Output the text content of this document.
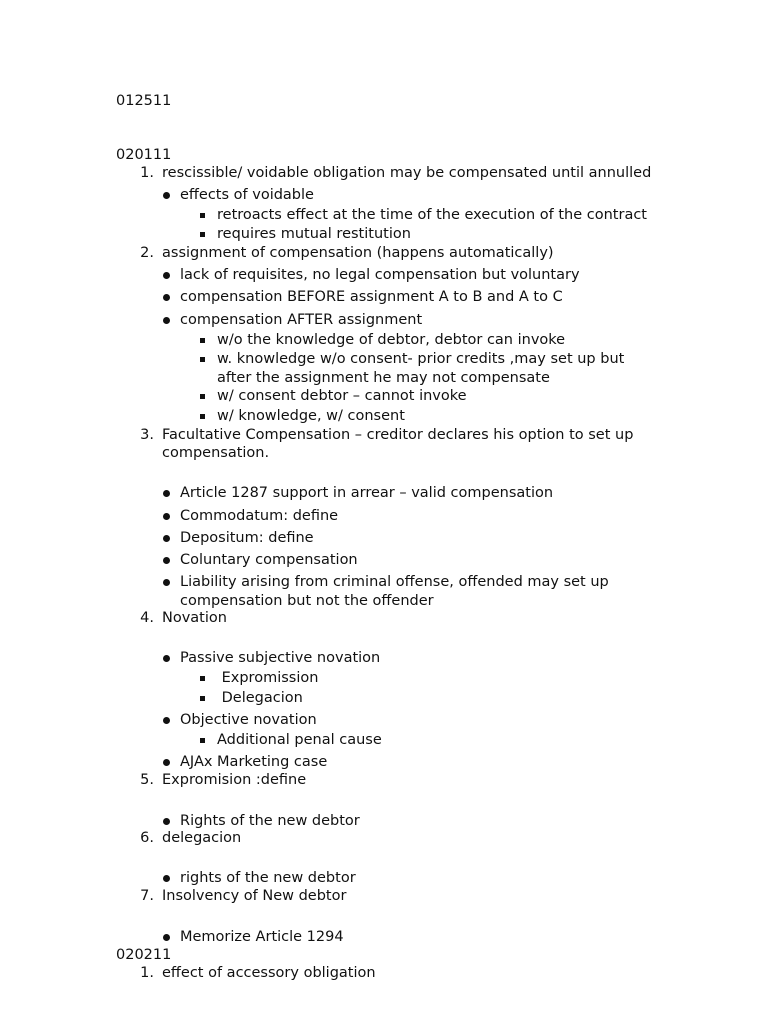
012511
020111
1. rescissible/ voidable obligation may be compensated until annulled
effects of voidable
retroacts effect at the time of the execution of the contract
requires mutual restitution
2. assignment of compensation (happens automatically)
lack of requisites, no legal compensation but voluntary
compensation BEFORE assignment A to B and A to C
compensation AFTER assignment
w/o the knowledge of debtor, debtor can invoke
w. knowledge w/o consent- prior credits ,may set up but
after the assignment he may not compensate
w/ consent debtor – cannot invoke
w/ knowledge, w/ consent
3. Facultative Compensation – creditor declares his option to set up
compensation.
Article 1287 support in arrear – valid compensation
Commodatum: define
Depositum: define
Coluntary compensation
Liability arising from criminal offense, offended may set up
compensation but not the offender
4. Novation
Passive subjective novation
Expromission
Delegacion
Objective novation
Additional penal cause
AJAx Marketing case
5. Expromision :define
Rights of the new debtor
6. delegacion
rights of the new debtor
7. Insolvency of New debtor
Memorize Article 1294
020211
1. effect of accessory obligation
